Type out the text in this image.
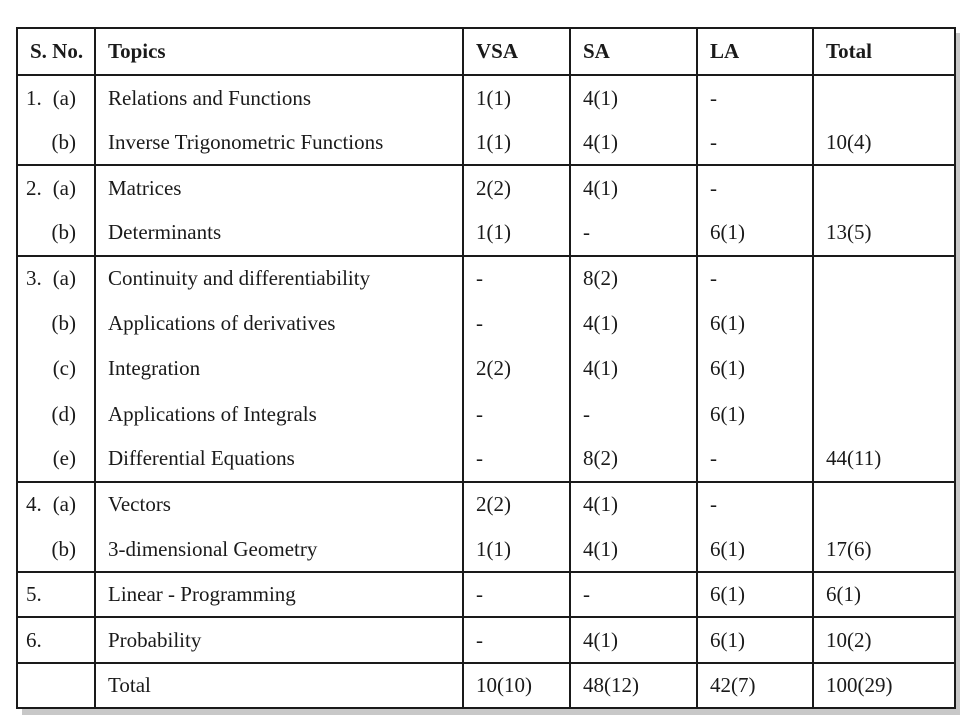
S. No.	Topics	VSA	SA	LA	Total
1. (a)	Relations and Functions	1(1)	4(1)	-	
(b)	Inverse Trigonometric Functions	1(1)	4(1)	-	10(4)
2. (a)	Matrices	2(2)	4(1)	-	
(b)	Determinants	1(1)	-	6(1)	13(5)
3. (a)	Continuity and differentiability	-	8(2)	-	
(b)	Applications of derivatives	-	4(1)	6(1)	
(c)	Integration	2(2)	4(1)	6(1)	
(d)	Applications of Integrals	-	-	6(1)	
(e)	Differential Equations	-	8(2)	-	44(11)
4. (a)	Vectors	2(2)	4(1)	-	
(b)	3-dimensional Geometry	1(1)	4(1)	6(1)	17(6)
5.	Linear - Programming	-	-	6(1)	6(1)
6.	Probability	-	4(1)	6(1)	10(2)
	Total	10(10)	48(12)	42(7)	100(29)
